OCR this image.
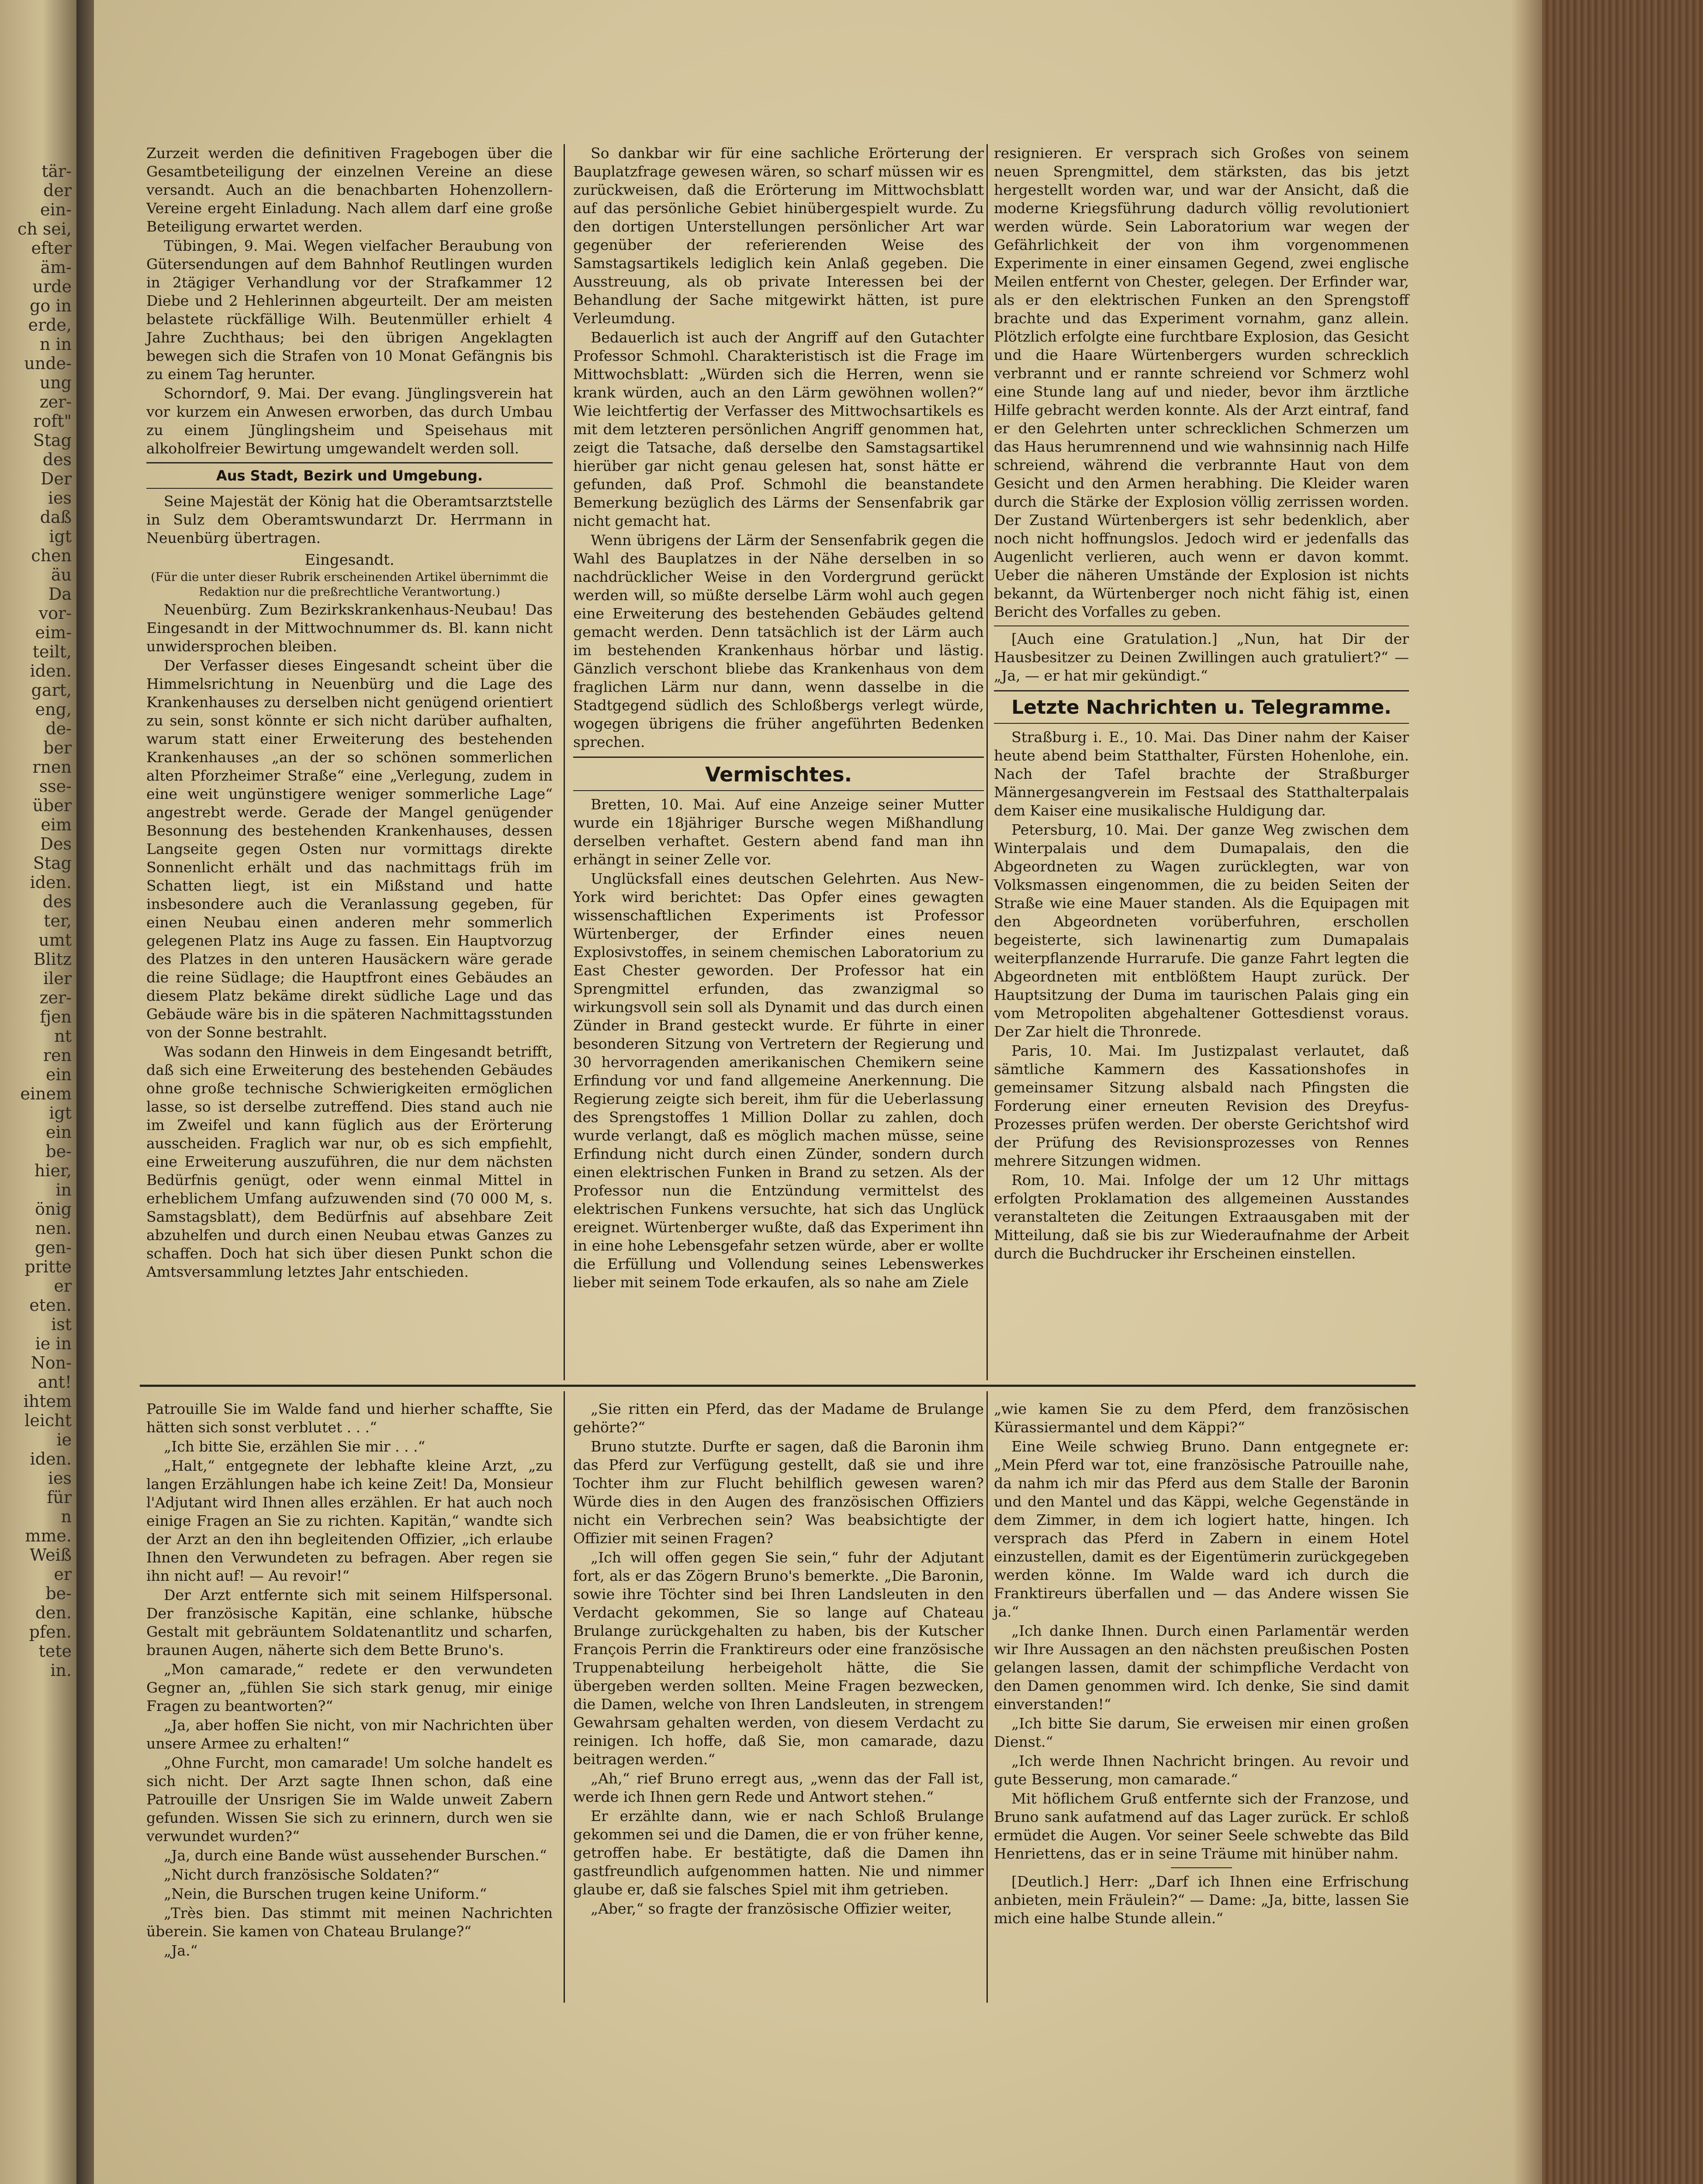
tär-
der
ein-
ch sei,
efter
äm-
urde
go in
erde,
n in
unde-
ung
zer-
roft"
Stag
des
Der
ies
daß
igt
chen
äu
Da
vor-
eim-
teilt,
iden.
gart,
eng,
de-
ber
rnen
sse-
über
eim
Des
Stag
iden.
des
ter,
umt
Blitz
iler
zer-
fjen
nt
ren
ein
einem
igt
ein
be-
hier,
in
önig
nen.
gen-
pritte
er
eten.
ist
ie in
Non-
ant!
ihtem
leicht
ie
iden.
ies
für
n
mme.
Weiß
er
be-
den.
pfen.
tete
in.

Zurzeit werden die definitiven Fragebogen über die Gesamtbeteiligung der einzelnen Vereine an diese versandt. Auch an die benachbarten Hohenzollern-Vereine ergeht Einladung. Nach allem darf eine große Beteiligung erwartet werden.

Tübingen, 9. Mai. Wegen vielfacher Beraubung von Gütersendungen auf dem Bahnhof Reutlingen wurden in 2tägiger Verhandlung vor der Strafkammer 12 Diebe und 2 Hehlerinnen abgeurteilt. Der am meisten belastete rückfällige Wilh. Beutenmüller erhielt 4 Jahre Zuchthaus; bei den übrigen Angeklagten bewegen sich die Strafen von 10 Monat Gefängnis bis zu einem Tag herunter.

Schorndorf, 9. Mai. Der evang. Jünglingsverein hat vor kurzem ein Anwesen erworben, das durch Umbau zu einem Jünglingsheim und Speisehaus mit alkoholfreier Bewirtung umgewandelt werden soll.

Aus Stadt, Bezirk und Umgebung.

Seine Majestät der König hat die Oberamtsarztstelle in Sulz dem Oberamtswundarzt Dr. Herrmann in Neuenbürg übertragen.

Eingesandt.

(Für die unter dieser Rubrik erscheinenden Artikel übernimmt die Redaktion nur die preßrechtliche Verantwortung.)

Neuenbürg. Zum Bezirkskrankenhaus-Neubau! Das Eingesandt in der Mittwochnummer ds. Bl. kann nicht unwidersprochen bleiben.

Der Verfasser dieses Eingesandt scheint über die Himmelsrichtung in Neuenbürg und die Lage des Krankenhauses zu derselben nicht genügend orientiert zu sein, sonst könnte er sich nicht darüber aufhalten, warum statt einer Erweiterung des bestehenden Krankenhauses „an der so schönen sommerlichen alten Pforzheimer Straße“ eine „Verlegung, zudem in eine weit ungünstigere weniger sommerliche Lage“ angestrebt werde. Gerade der Mangel genügender Besonnung des bestehenden Krankenhauses, dessen Langseite gegen Osten nur vormittags direkte Sonnenlicht erhält und das nachmittags früh im Schatten liegt, ist ein Mißstand und hatte insbesondere auch die Veranlassung gegeben, für einen Neubau einen anderen mehr sommerlich gelegenen Platz ins Auge zu fassen. Ein Hauptvorzug des Platzes in den unteren Hausäckern wäre gerade die reine Südlage; die Hauptfront eines Gebäudes an diesem Platz bekäme direkt südliche Lage und das Gebäude wäre bis in die späteren Nachmittagsstunden von der Sonne bestrahlt.

Was sodann den Hinweis in dem Eingesandt betrifft, daß sich eine Erweiterung des bestehenden Gebäudes ohne große technische Schwierigkeiten ermöglichen lasse, so ist derselbe zutreffend. Dies stand auch nie im Zweifel und kann füglich aus der Erörterung ausscheiden. Fraglich war nur, ob es sich empfiehlt, eine Erweiterung auszuführen, die nur dem nächsten Bedürfnis genügt, oder wenn einmal Mittel in erheblichem Umfang aufzuwenden sind (70 000 M, s. Samstagsblatt), dem Bedürfnis auf absehbare Zeit abzuhelfen und durch einen Neubau etwas Ganzes zu schaffen. Doch hat sich über diesen Punkt schon die Amtsversammlung letztes Jahr entschieden.

So dankbar wir für eine sachliche Erörterung der Bauplatzfrage gewesen wären, so scharf müssen wir es zurückweisen, daß die Erörterung im Mittwochsblatt auf das persönliche Gebiet hinübergespielt wurde. Zu den dortigen Unterstellungen persönlicher Art war gegenüber der referierenden Weise des Samstagsartikels lediglich kein Anlaß gegeben. Die Ausstreuung, als ob private Interessen bei der Behandlung der Sache mitgewirkt hätten, ist pure Verleumdung.

Bedauerlich ist auch der Angriff auf den Gutachter Professor Schmohl. Charakteristisch ist die Frage im Mittwochsblatt: „Würden sich die Herren, wenn sie krank würden, auch an den Lärm gewöhnen wollen?“ Wie leichtfertig der Verfasser des Mittwochsartikels es mit dem letzteren persönlichen Angriff genommen hat, zeigt die Tatsache, daß derselbe den Samstagsartikel hierüber gar nicht genau gelesen hat, sonst hätte er gefunden, daß Prof. Schmohl die beanstandete Bemerkung bezüglich des Lärms der Sensenfabrik gar nicht gemacht hat.

Wenn übrigens der Lärm der Sensenfabrik gegen die Wahl des Bauplatzes in der Nähe derselben in so nachdrücklicher Weise in den Vordergrund gerückt werden will, so müßte derselbe Lärm wohl auch gegen eine Erweiterung des bestehenden Gebäudes geltend gemacht werden. Denn tatsächlich ist der Lärm auch im bestehenden Krankenhaus hörbar und lästig. Gänzlich verschont bliebe das Krankenhaus von dem fraglichen Lärm nur dann, wenn dasselbe in die Stadtgegend südlich des Schloßbergs verlegt würde, wogegen übrigens die früher angeführten Bedenken sprechen.

Vermischtes.

Bretten, 10. Mai. Auf eine Anzeige seiner Mutter wurde ein 18jähriger Bursche wegen Mißhandlung derselben verhaftet. Gestern abend fand man ihn erhängt in seiner Zelle vor.

Unglücksfall eines deutschen Gelehrten. Aus New-York wird berichtet: Das Opfer eines gewagten wissenschaftlichen Experiments ist Professor Würtenberger, der Erfinder eines neuen Explosivstoffes, in seinem chemischen Laboratorium zu East Chester geworden. Der Professor hat ein Sprengmittel erfunden, das zwanzigmal so wirkungsvoll sein soll als Dynamit und das durch einen Zünder in Brand gesteckt wurde. Er führte in einer besonderen Sitzung von Vertretern der Regierung und 30 hervorragenden amerikanischen Chemikern seine Erfindung vor und fand allgemeine Anerkennung. Die Regierung zeigte sich bereit, ihm für die Ueberlassung des Sprengstoffes 1 Million Dollar zu zahlen, doch wurde verlangt, daß es möglich machen müsse, seine Erfindung nicht durch einen Zünder, sondern durch einen elektrischen Funken in Brand zu setzen. Als der Professor nun die Entzündung vermittelst des elektrischen Funkens versuchte, hat sich das Unglück ereignet. Würtenberger wußte, daß das Experiment ihn in eine hohe Lebensgefahr setzen würde, aber er wollte die Erfüllung und Vollendung seines Lebenswerkes lieber mit seinem Tode erkaufen, als so nahe am Ziele

resignieren. Er versprach sich Großes von seinem neuen Sprengmittel, dem stärksten, das bis jetzt hergestellt worden war, und war der Ansicht, daß die moderne Kriegsführung dadurch völlig revolutioniert werden würde. Sein Laboratorium war wegen der Gefährlichkeit der von ihm vorgenommenen Experimente in einer einsamen Gegend, zwei englische Meilen entfernt von Chester, gelegen. Der Erfinder war, als er den elektrischen Funken an den Sprengstoff brachte und das Experiment vornahm, ganz allein. Plötzlich erfolgte eine furchtbare Explosion, das Gesicht und die Haare Würtenbergers wurden schrecklich verbrannt und er rannte schreiend vor Schmerz wohl eine Stunde lang auf und nieder, bevor ihm ärztliche Hilfe gebracht werden konnte. Als der Arzt eintraf, fand er den Gelehrten unter schrecklichen Schmerzen um das Haus herumrennend und wie wahnsinnig nach Hilfe schreiend, während die verbrannte Haut von dem Gesicht und den Armen herabhing. Die Kleider waren durch die Stärke der Explosion völlig zerrissen worden. Der Zustand Würtenbergers ist sehr bedenklich, aber noch nicht hoffnungslos. Jedoch wird er jedenfalls das Augenlicht verlieren, auch wenn er davon kommt. Ueber die näheren Umstände der Explosion ist nichts bekannt, da Würtenberger noch nicht fähig ist, einen Bericht des Vorfalles zu geben.

[Auch eine Gratulation.] „Nun, hat Dir der Hausbesitzer zu Deinen Zwillingen auch gratuliert?“ — „Ja, — er hat mir gekündigt.“

Letzte Nachrichten u. Telegramme.

Straßburg i. E., 10. Mai. Das Diner nahm der Kaiser heute abend beim Statthalter, Fürsten Hohenlohe, ein. Nach der Tafel brachte der Straßburger Männergesangverein im Festsaal des Statthalterpalais dem Kaiser eine musikalische Huldigung dar.

Petersburg, 10. Mai. Der ganze Weg zwischen dem Winterpalais und dem Dumapalais, den die Abgeordneten zu Wagen zurücklegten, war von Volksmassen eingenommen, die zu beiden Seiten der Straße wie eine Mauer standen. Als die Equipagen mit den Abgeordneten vorüberfuhren, erschollen begeisterte, sich lawinenartig zum Dumapalais weiterpflanzende Hurrarufe. Die ganze Fahrt legten die Abgeordneten mit entblößtem Haupt zurück. Der Hauptsitzung der Duma im taurischen Palais ging ein vom Metropoliten abgehaltener Gottesdienst voraus. Der Zar hielt die Thronrede.

Paris, 10. Mai. Im Justizpalast verlautet, daß sämtliche Kammern des Kassationshofes in gemeinsamer Sitzung alsbald nach Pfingsten die Forderung einer erneuten Revision des Dreyfus-Prozesses prüfen werden. Der oberste Gerichtshof wird der Prüfung des Revisionsprozesses von Rennes mehrere Sitzungen widmen.

Rom, 10. Mai. Infolge der um 12 Uhr mittags erfolgten Proklamation des allgemeinen Ausstandes veranstalteten die Zeitungen Extraausgaben mit der Mitteilung, daß sie bis zur Wiederaufnahme der Arbeit durch die Buchdrucker ihr Erscheinen einstellen.

Patrouille Sie im Walde fand und hierher schaffte, Sie hätten sich sonst verblutet . . .“

„Ich bitte Sie, erzählen Sie mir . . .“

„Halt,“ entgegnete der lebhafte kleine Arzt, „zu langen Erzählungen habe ich keine Zeit! Da, Monsieur l'Adjutant wird Ihnen alles erzählen. Er hat auch noch einige Fragen an Sie zu richten. Kapitän,“ wandte sich der Arzt an den ihn begleitenden Offizier, „ich erlaube Ihnen den Verwundeten zu befragen. Aber regen sie ihn nicht auf! — Au revoir!“

Der Arzt entfernte sich mit seinem Hilfspersonal. Der französische Kapitän, eine schlanke, hübsche Gestalt mit gebräuntem Soldatenantlitz und scharfen, braunen Augen, näherte sich dem Bette Bruno's.

„Mon camarade,“ redete er den verwundeten Gegner an, „fühlen Sie sich stark genug, mir einige Fragen zu beantworten?“

„Ja, aber hoffen Sie nicht, von mir Nachrichten über unsere Armee zu erhalten!“

„Ohne Furcht, mon camarade! Um solche handelt es sich nicht. Der Arzt sagte Ihnen schon, daß eine Patrouille der Unsrigen Sie im Walde unweit Zabern gefunden. Wissen Sie sich zu erinnern, durch wen sie verwundet wurden?“

„Ja, durch eine Bande wüst aussehender Burschen.“

„Nicht durch französische Soldaten?“

„Nein, die Burschen trugen keine Uniform.“

„Très bien. Das stimmt mit meinen Nachrichten überein. Sie kamen von Chateau Brulange?“

„Ja.“

„Sie ritten ein Pferd, das der Madame de Brulange gehörte?“

Bruno stutzte. Durfte er sagen, daß die Baronin ihm das Pferd zur Verfügung gestellt, daß sie und ihre Tochter ihm zur Flucht behilflich gewesen waren? Würde dies in den Augen des französischen Offiziers nicht ein Verbrechen sein? Was beabsichtigte der Offizier mit seinen Fragen?

„Ich will offen gegen Sie sein,“ fuhr der Adjutant fort, als er das Zögern Bruno's bemerkte. „Die Baronin, sowie ihre Töchter sind bei Ihren Landsleuten in den Verdacht gekommen, Sie so lange auf Chateau Brulange zurückgehalten zu haben, bis der Kutscher François Perrin die Franktireurs oder eine französische Truppenabteilung herbeigeholt hätte, die Sie übergeben werden sollten. Meine Fragen bezwecken, die Damen, welche von Ihren Landsleuten, in strengem Gewahrsam gehalten werden, von diesem Verdacht zu reinigen. Ich hoffe, daß Sie, mon camarade, dazu beitragen werden.“

„Ah,“ rief Bruno erregt aus, „wenn das der Fall ist, werde ich Ihnen gern Rede und Antwort stehen.“

Er erzählte dann, wie er nach Schloß Brulange gekommen sei und die Damen, die er von früher kenne, getroffen habe. Er bestätigte, daß die Damen ihn gastfreundlich aufgenommen hatten. Nie und nimmer glaube er, daß sie falsches Spiel mit ihm getrieben.

„Aber,“ so fragte der französische Offizier weiter,

„wie kamen Sie zu dem Pferd, dem französischen Kürassiermantel und dem Käppi?“

Eine Weile schwieg Bruno. Dann entgegnete er: „Mein Pferd war tot, eine französische Patrouille nahe, da nahm ich mir das Pferd aus dem Stalle der Baronin und den Mantel und das Käppi, welche Gegenstände in dem Zimmer, in dem ich logiert hatte, hingen. Ich versprach das Pferd in Zabern in einem Hotel einzustellen, damit es der Eigentümerin zurückgegeben werden könne. Im Walde ward ich durch die Franktireurs überfallen und — das Andere wissen Sie ja.“

„Ich danke Ihnen. Durch einen Parlamentär werden wir Ihre Aussagen an den nächsten preußischen Posten gelangen lassen, damit der schimpfliche Verdacht von den Damen genommen wird. Ich denke, Sie sind damit einverstanden!“

„Ich bitte Sie darum, Sie erweisen mir einen großen Dienst.“

„Ich werde Ihnen Nachricht bringen. Au revoir und gute Besserung, mon camarade.“

Mit höflichem Gruß entfernte sich der Franzose, und Bruno sank aufatmend auf das Lager zurück. Er schloß ermüdet die Augen. Vor seiner Seele schwebte das Bild Henriettens, das er in seine Träume mit hinüber nahm.

[Deutlich.] Herr: „Darf ich Ihnen eine Erfrischung anbieten, mein Fräulein?“ — Dame: „Ja, bitte, lassen Sie mich eine halbe Stunde allein.“
